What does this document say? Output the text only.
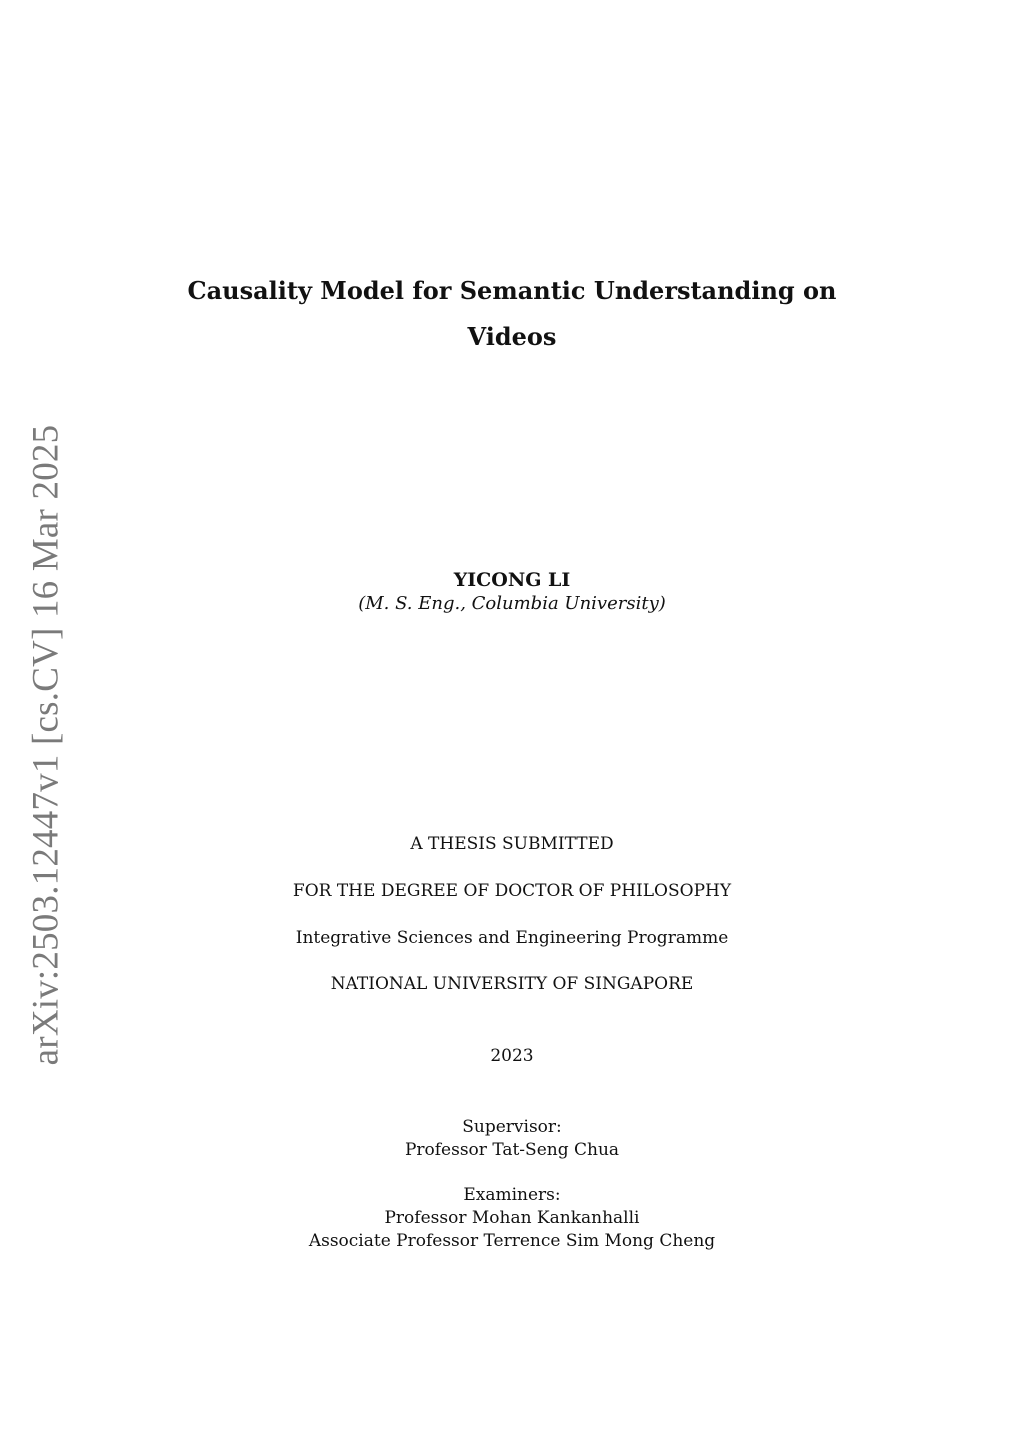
arXiv:2503.12447v1 [cs.CV] 16 Mar 2025
Causality Model for Semantic Understanding on
Videos
YICONG LI
(M. S. Eng., Columbia University)
A THESIS SUBMITTED
FOR THE DEGREE OF DOCTOR OF PHILOSOPHY
Integrative Sciences and Engineering Programme
NATIONAL UNIVERSITY OF SINGAPORE
2023
Supervisor:
Professor Tat-Seng Chua
Examiners:
Professor Mohan Kankanhalli
Associate Professor Terrence Sim Mong Cheng
